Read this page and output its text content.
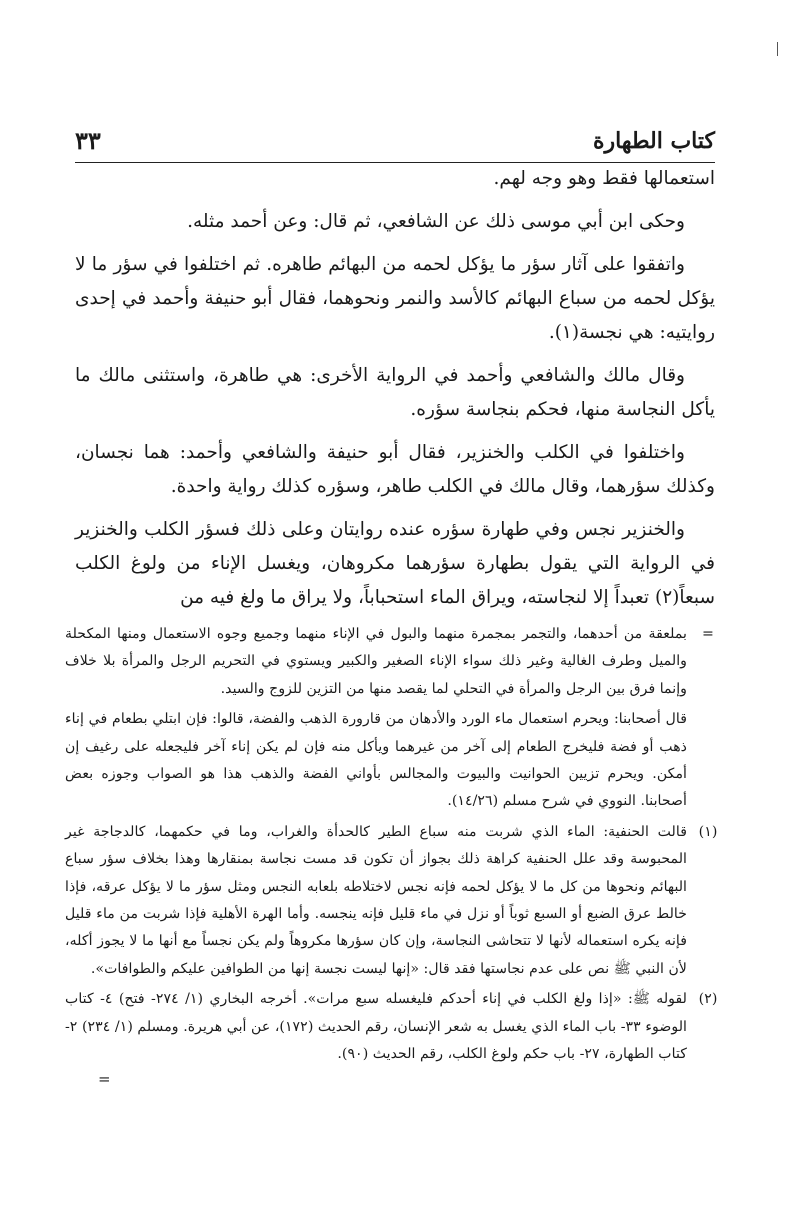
كتاب الطهارة
٣٣

استعمالها فقط وهو وجه لهم.

وحكى ابن أبي موسى ذلك عن الشافعي، ثم قال: وعن أحمد مثله.

واتفقوا على آثار سؤر ما يؤكل لحمه من البهائم طاهره. ثم اختلفوا في سؤر ما لا يؤكل لحمه من سباع البهائم كالأسد والنمر ونحوهما، فقال أبو حنيفة وأحمد في إحدى روايتيه: هي نجسة(١).

وقال مالك والشافعي وأحمد في الرواية الأخرى: هي طاهرة، واستثنى مالك ما يأكل النجاسة منها، فحكم بنجاسة سؤره.

واختلفوا في الكلب والخنزير، فقال أبو حنيفة والشافعي وأحمد: هما نجسان، وكذلك سؤرهما، وقال مالك في الكلب طاهر، وسؤره كذلك رواية واحدة.

والخنزير نجس وفي طهارة سؤره عنده روايتان وعلى ذلك فسؤر الكلب والخنزير في الرواية التي يقول بطهارة سؤرهما مكروهان، ويغسل الإناء من ولوغ الكلب سبعاً(٢) تعبداً إلا لنجاسته، ويراق الماء استحباباً، ولا يراق ما ولغ فيه من

=

بملعقة من أحدهما، والتجمر بمجمرة منهما والبول في الإناء منهما وجميع وجوه الاستعمال ومنها المكحلة والميل وطرف الغالية وغير ذلك سواء الإناء الصغير والكبير ويستوي في التحريم الرجل والمرأة بلا خلاف وإنما فرق بين الرجل والمرأة في التحلي لما يقصد منها من التزين للزوج والسيد.

قال أصحابنا: ويحرم استعمال ماء الورد والأدهان من قارورة الذهب والفضة، قالوا: فإن ابتلي بطعام في إناء ذهب أو فضة فليخرج الطعام إلى آخر من غيرهما ويأكل منه فإن لم يكن إناء آخر فليجعله على رغيف إن أمكن. ويحرم تزيين الحوانيت والبيوت والمجالس بأواني الفضة والذهب هذا هو الصواب وجوزه بعض أصحابنا. النووي في شرح مسلم (١٤/٢٦).

(١)

قالت الحنفية: الماء الذي شربت منه سباع الطير كالحدأة والغراب، وما في حكمهما، كالدجاجة غير المحبوسة وقد علل الحنفية كراهة ذلك بجواز أن تكون قد مست نجاسة بمنقارها وهذا بخلاف سؤر سباع البهائم ونحوها من كل ما لا يؤكل لحمه فإنه نجس لاختلاطه بلعابه النجس ومثل سؤر ما لا يؤكل عرقه، فإذا خالط عرق الضبع أو السبع ثوباً أو نزل في ماء قليل فإنه ينجسه. وأما الهرة الأهلية فإذا شربت من ماء قليل فإنه يكره استعماله لأنها لا تتحاشى النجاسة، وإن كان سؤرها مكروهاً ولم يكن نجساً مع أنها ما لا يجوز أكله، لأن النبي ﷺ نص على عدم نجاستها فقد قال: «إنها ليست نجسة إنها من الطوافين عليكم والطوافات».

(٢)

لقوله ﷺ: «إذا ولغ الكلب في إناء أحدكم فليغسله سبع مرات». أخرجه البخاري (١/ ٢٧٤- فتح) ٤- كتاب الوضوء ٣٣- باب الماء الذي يغسل به شعر الإنسان، رقم الحديث (١٧٢)، عن أبي هريرة. ومسلم (١/ ٢٣٤) ٢- كتاب الطهارة، ٢٧- باب حكم ولوغ الكلب، رقم الحديث (٩٠).

=
